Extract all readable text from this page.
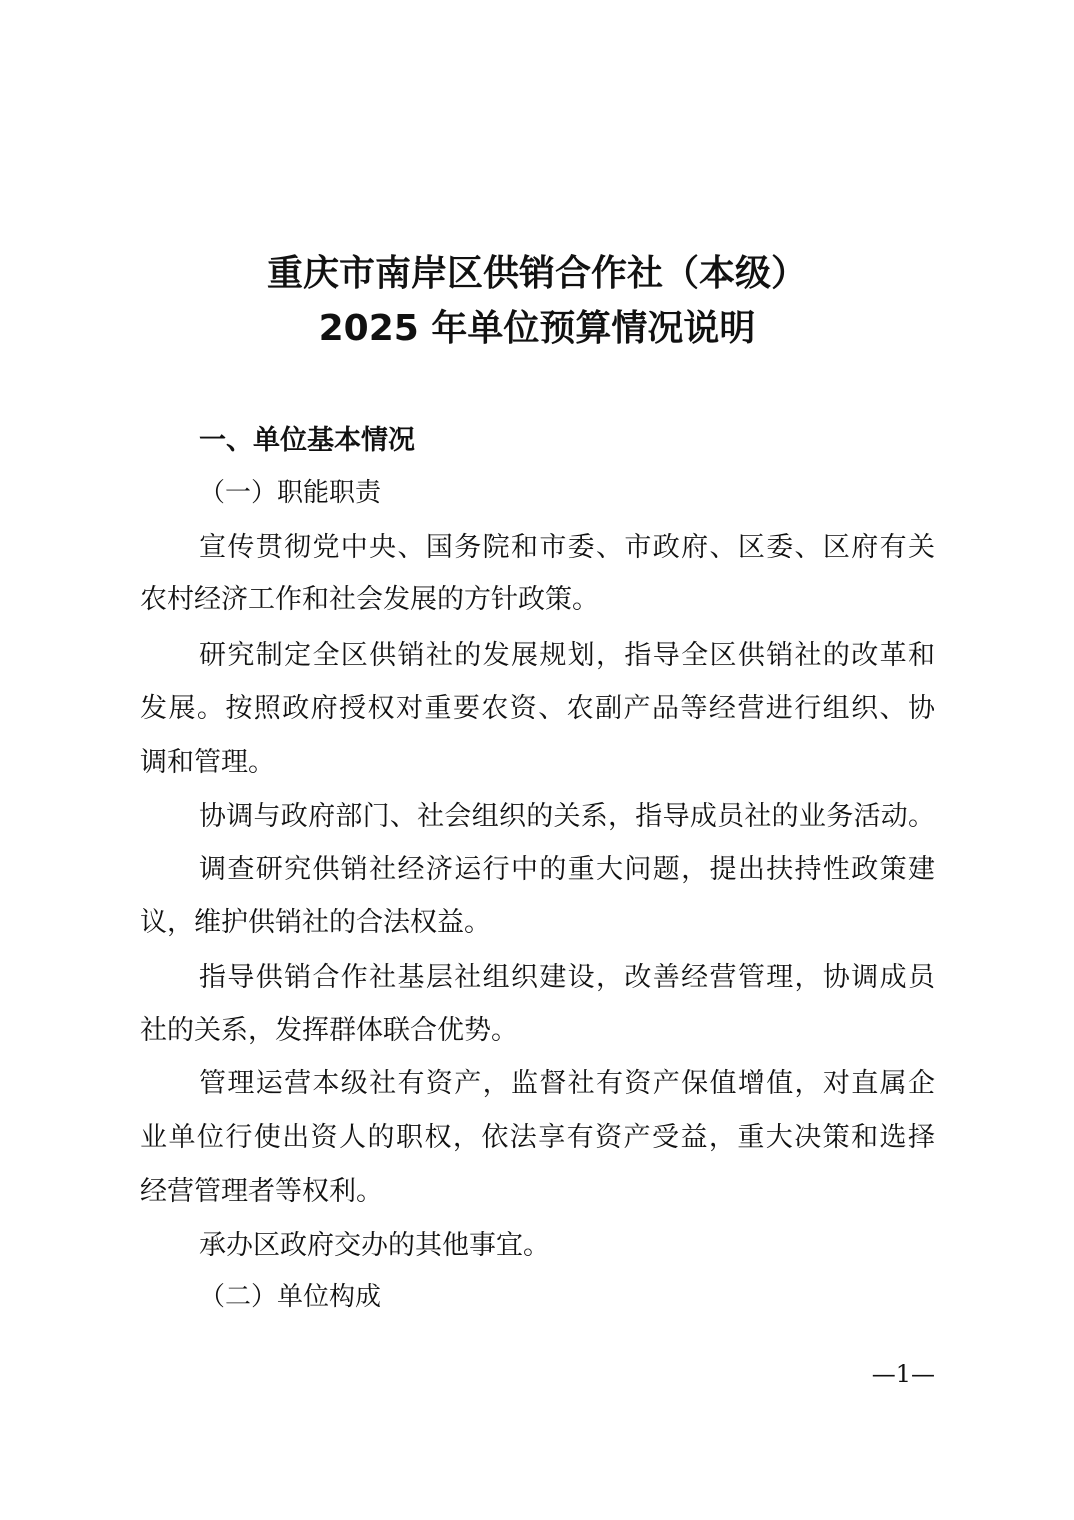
重庆市南岸区供销合作社（本级）
2025 年单位预算情况说明
一、单位基本情况
（一）职能职责
宣传贯彻党中央、国务院和市委、市政府、区委、区府有关
农村经济工作和社会发展的方针政策。
研究制定全区供销社的发展规划，指导全区供销社的改革和
发展。按照政府授权对重要农资、农副产品等经营进行组织、协
调和管理。
协调与政府部门、社会组织的关系，指导成员社的业务活动。
调查研究供销社经济运行中的重大问题，提出扶持性政策建
议，维护供销社的合法权益。
指导供销合作社基层社组织建设，改善经营管理，协调成员
社的关系，发挥群体联合优势。
管理运营本级社有资产，监督社有资产保值增值，对直属企
业单位行使出资人的职权，依法享有资产受益，重大决策和选择
经营管理者等权利。
承办区政府交办的其他事宜。
（二）单位构成
—1—
